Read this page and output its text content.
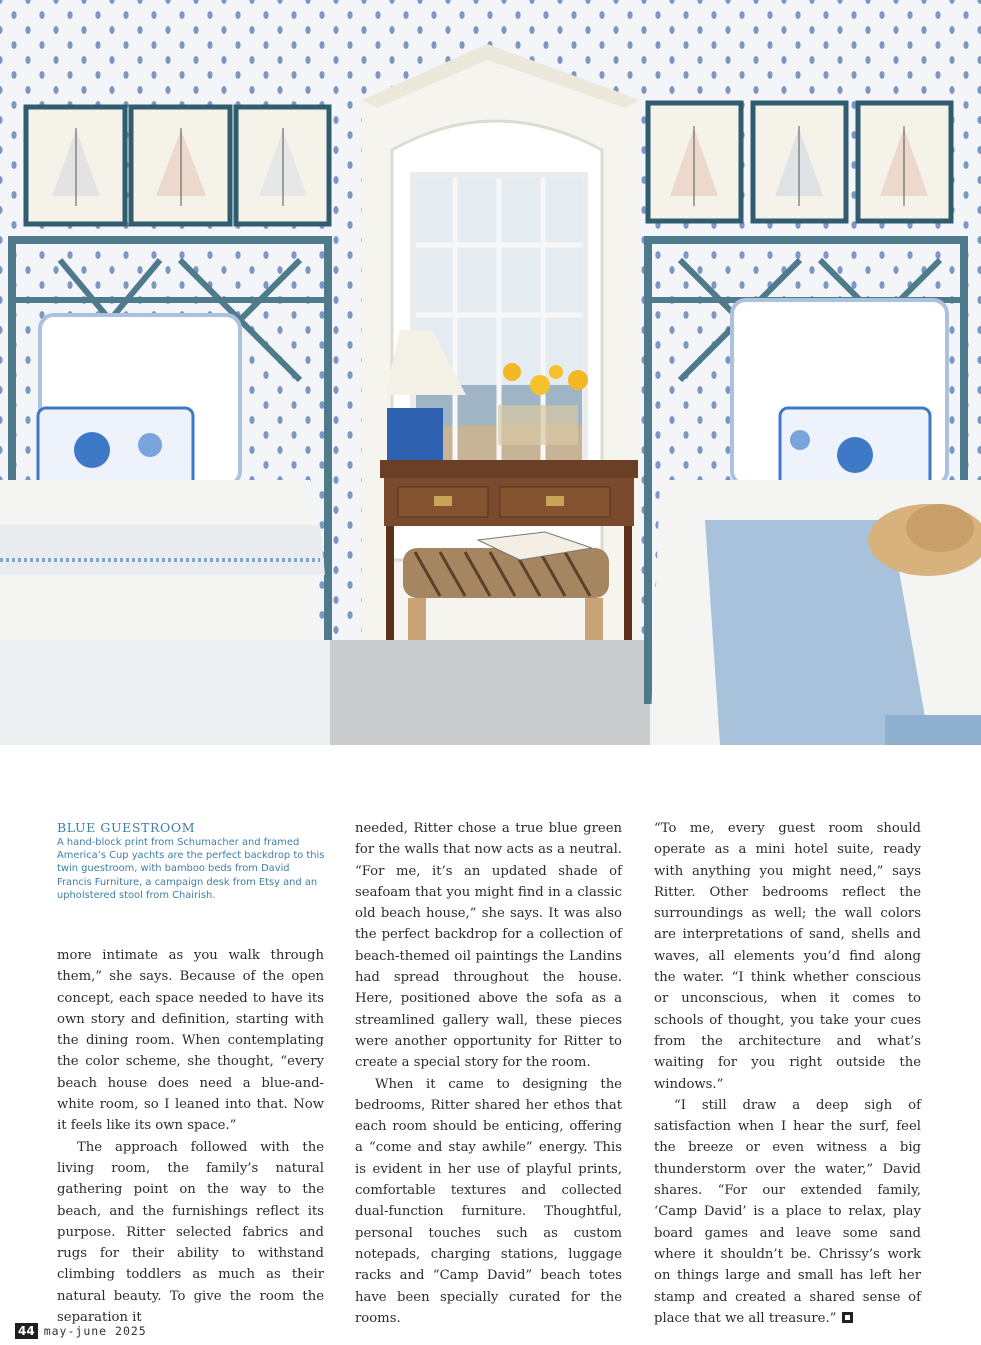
BLUE GUESTROOM
A hand-block print from Schumacher and framed America’s Cup yachts are the perfect backdrop to this twin guestroom, with bamboo beds from David Francis Furniture, a campaign desk from Etsy and an upholstered stool from Chairish.

more intimate as you walk through them,” she says. Because of the open concept, each space needed to have its own story and definition, starting with the dining room. When contemplating the color scheme, she thought, “every beach house does need a blue-and-white room, so I leaned into that. Now it feels like its own space.”

The approach followed with the living room, the family’s natural gathering point on the way to the beach, and the furnishings reflect its purpose. Ritter selected fabrics and rugs for their ability to withstand climbing toddlers as much as their natural beauty. To give the room the separation it

needed, Ritter chose a true blue green for the walls that now acts as a neutral. “For me, it’s an updated shade of seafoam that you might find in a classic old beach house,” she says. It was also the perfect backdrop for a collection of beach-themed oil paintings the Landins had spread throughout the house. Here, positioned above the sofa as a streamlined gallery wall, these pieces were another opportunity for Ritter to create a special story for the room.

When it came to designing the bedrooms, Ritter shared her ethos that each room should be enticing, offering a “come and stay awhile” energy. This is evident in her use of playful prints, comfortable textures and collected dual-function furniture. Thoughtful, personal touches such as custom notepads, charging stations, luggage racks and “Camp David” beach totes have been specially curated for the rooms.

“To me, every guest room should operate as a mini hotel suite, ready with anything you might need,” says Ritter. Other bedrooms reflect the surroundings as well; the wall colors are interpretations of sand, shells and waves, all elements you’d find along the water. “I think whether conscious or unconscious, when it comes to schools of thought, you take your cues from the architecture and what’s waiting for you right outside the windows.”

“I still draw a deep sigh of satisfaction when I hear the surf, feel the breeze or even witness a big thunderstorm over the water,” David shares. “For our extended family, ‘Camp David’ is a place to relax, play board games and leave some sand where it shouldn’t be. Chrissy’s work on things large and small has left her stamp and created a shared sense of place that we all treasure.”

44 may-june 2025
